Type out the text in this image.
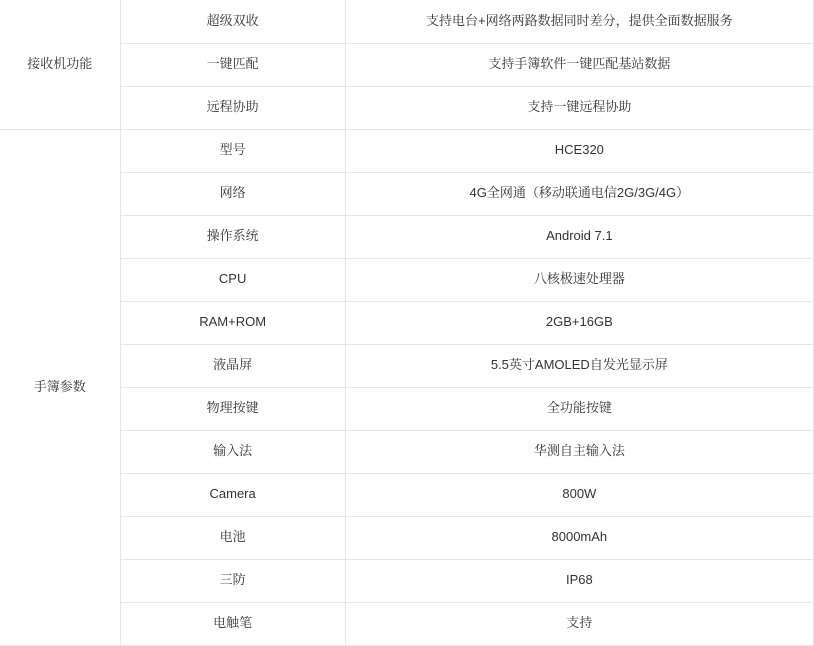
接收机功能	超级双收	支持电台+网络两路数据同时差分，提供全面数据服务
	一键匹配	支持手簿软件一键匹配基站数据
	远程协助	支持一键远程协助
手簿参数	型号	HCE320
	网络	4G全网通（移动联通电信2G/3G/4G）
	操作系统	Android 7.1
	CPU	八核极速处理器
	RAM+ROM	2GB+16GB
	液晶屏	5.5英寸AMOLED自发光显示屏
	物理按键	全功能按键
	输入法	华测自主输入法
	Camera	800W
	电池	8000mAh
	三防	IP68
	电触笔	支持
